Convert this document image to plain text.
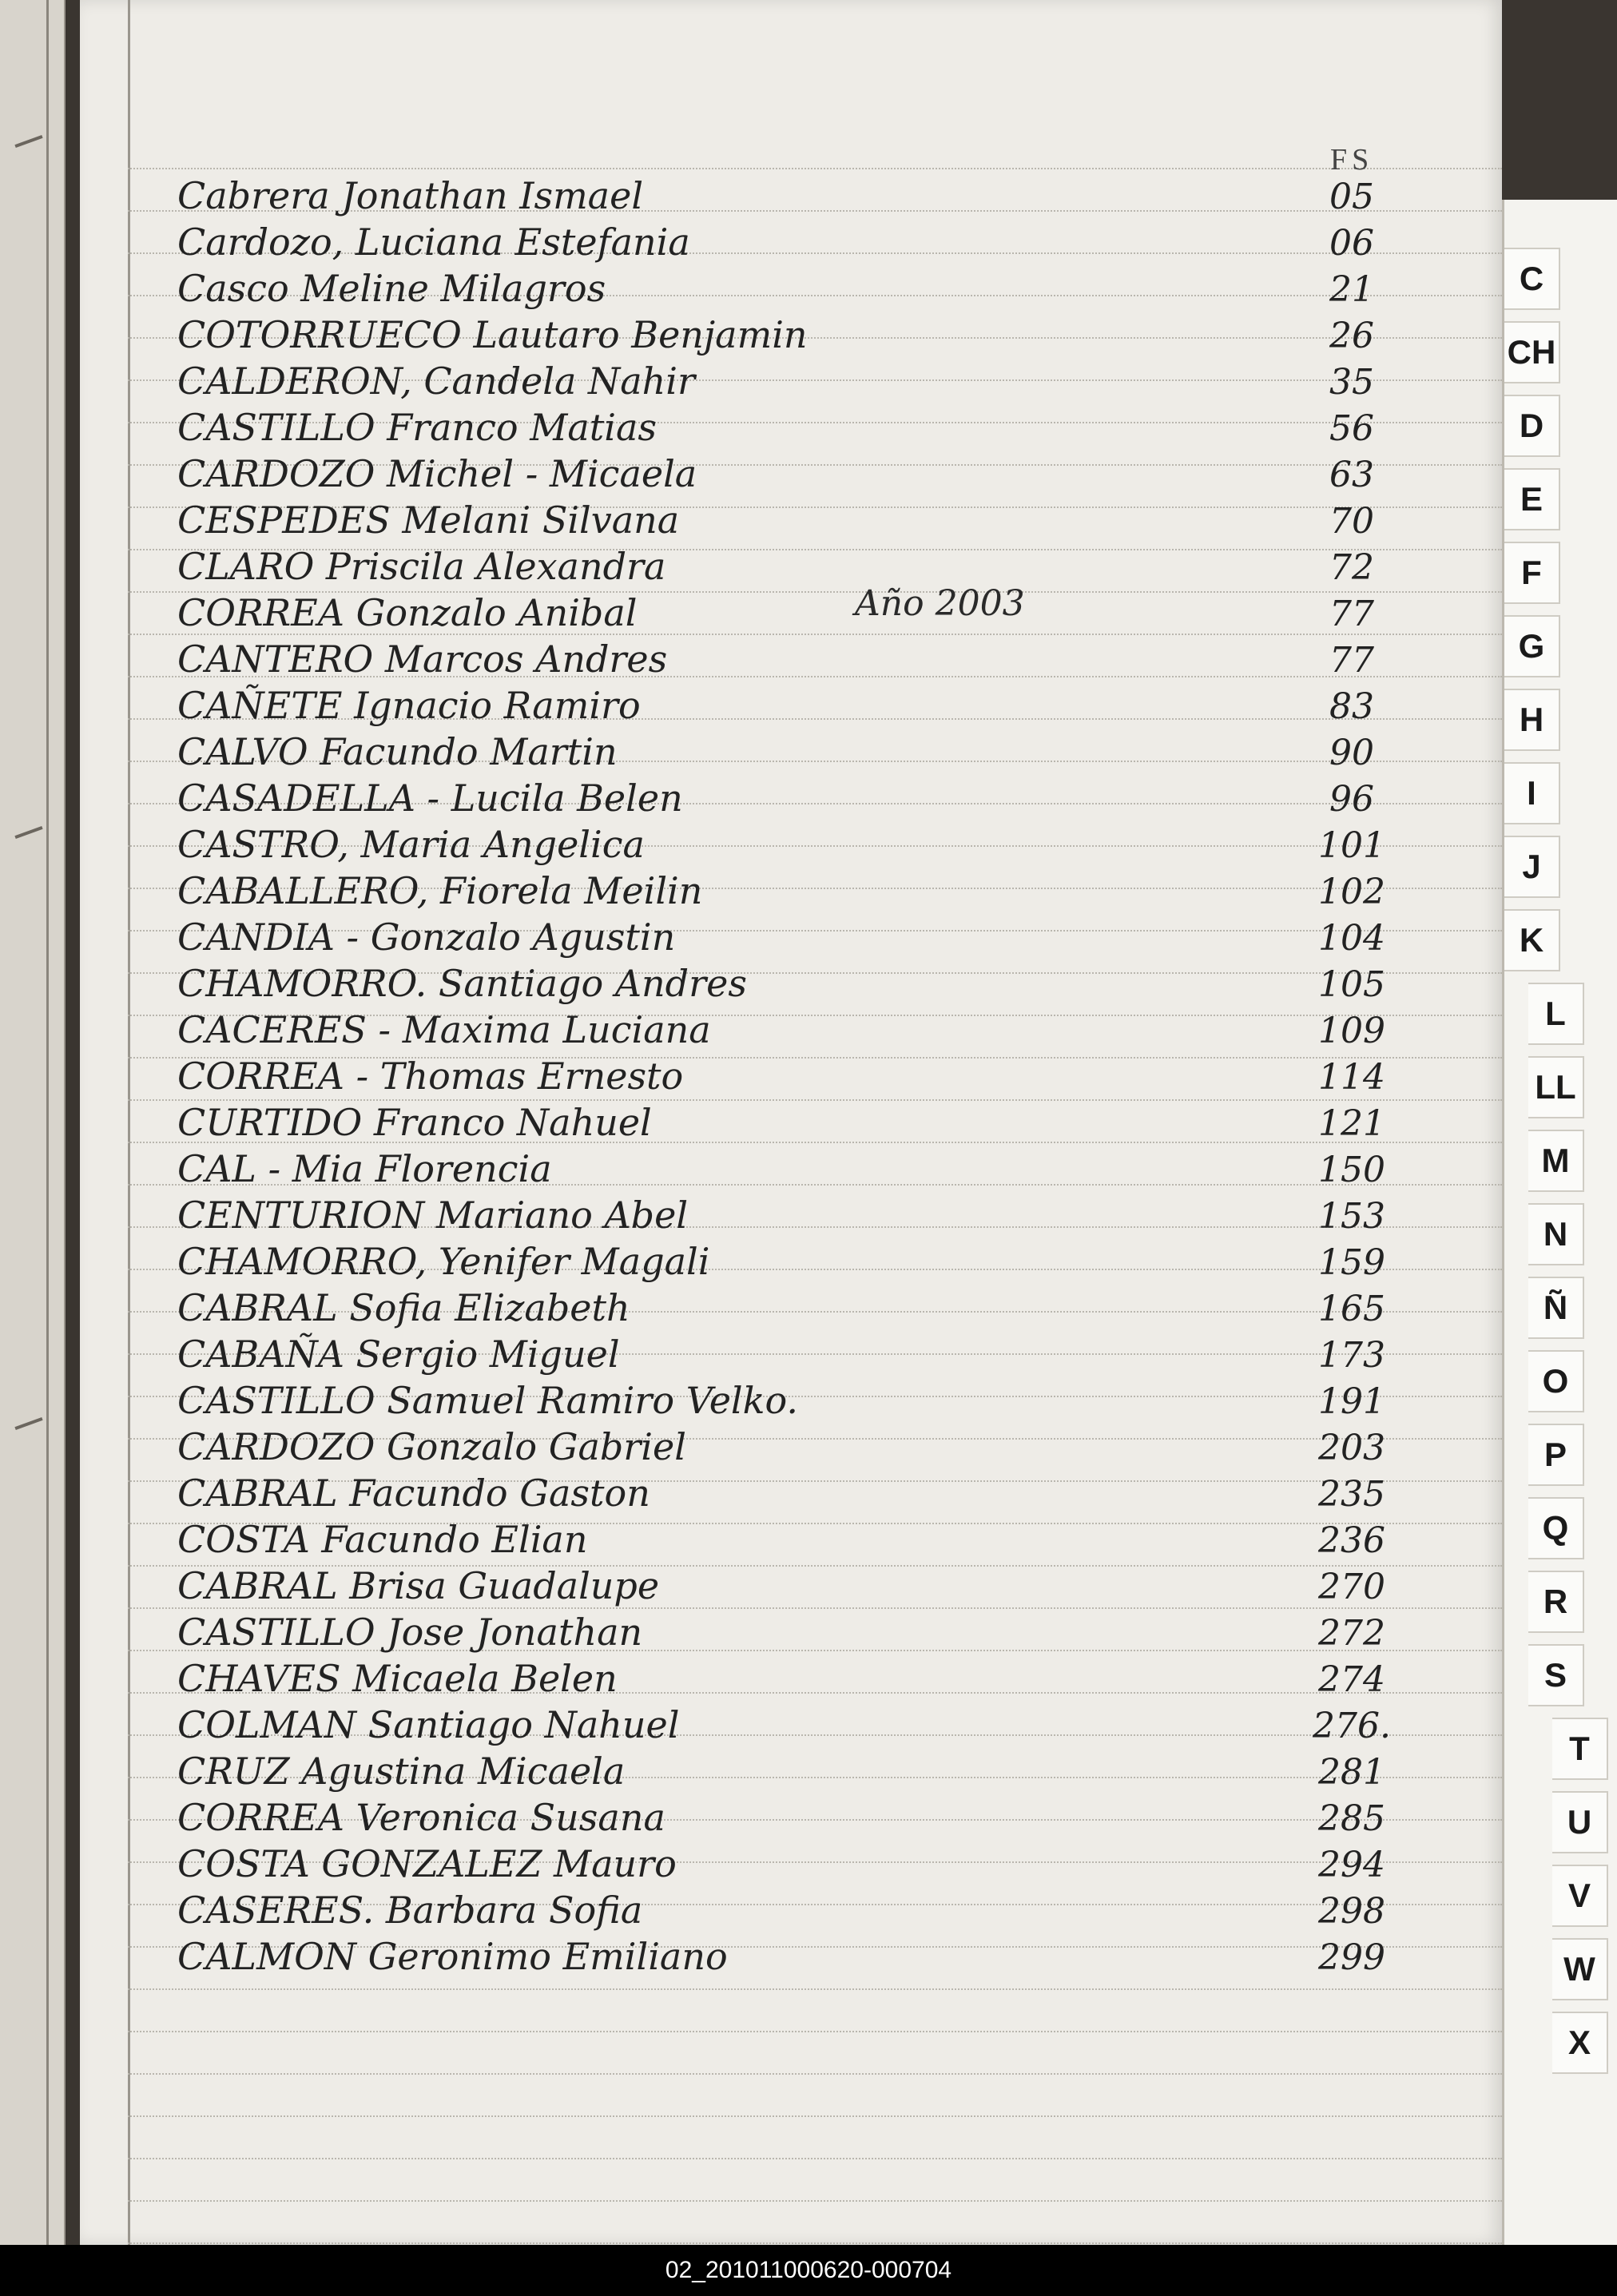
FS
Año 2003
Cabrera Jonathan Ismael	05
Cardozo, Luciana Estefania	06
Casco Meline Milagros	21
COTORRUECO Lautaro Benjamin	26
CALDERON, Candela Nahir	35
CASTILLO Franco Matias	56
CARDOZO Michel - Micaela	63
CESPEDES Melani Silvana	70
CLARO Priscila Alexandra	72
CORREA Gonzalo Anibal	77
CANTERO Marcos Andres	77
CAÑETE Ignacio Ramiro	83
CALVO Facundo Martin	90
CASADELLA - Lucila Belen	96
CASTRO, Maria Angelica	101
CABALLERO, Fiorela Meilin	102
CANDIA - Gonzalo Agustin	104
CHAMORRO. Santiago Andres	105
CACERES - Maxima Luciana	109
CORREA - Thomas Ernesto	114
CURTIDO Franco Nahuel	121
CAL - Mia Florencia	150
CENTURION Mariano Abel	153
CHAMORRO, Yenifer Magali	159
CABRAL Sofia Elizabeth	165
CABAÑA Sergio Miguel	173
CASTILLO Samuel Ramiro Velko.	191
CARDOZO Gonzalo Gabriel	203
CABRAL Facundo Gaston	235
COSTA Facundo Elian	236
CABRAL Brisa Guadalupe	270
CASTILLO Jose Jonathan	272
CHAVES Micaela Belen	274
COLMAN Santiago Nahuel	276.
CRUZ Agustina Micaela	281
CORREA Veronica Susana	285
COSTA GONZALEZ Mauro	294
CASERES. Barbara Sofia	298
CALMON Geronimo Emiliano	299
C
CH
D
E
F
G
H
I
J
K
L
LL
M
N
Ñ
O
P
Q
R
S
T
U
V
W
X
02_201011000620-000704
